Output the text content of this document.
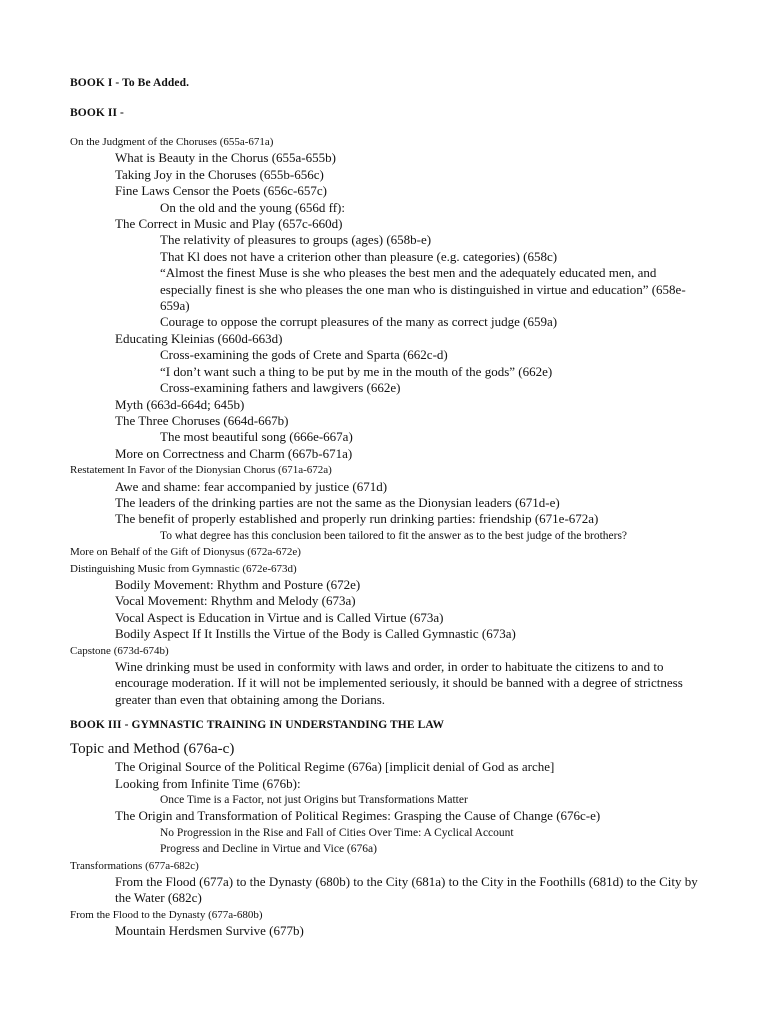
BOOK I - To Be Added.
BOOK II -
On the Judgment of the Choruses (655a-671a)
What is Beauty in the Chorus (655a-655b)
Taking Joy in the Choruses (655b-656c)
Fine Laws Censor the Poets (656c-657c)
On the old and the young (656d ff):
The Correct in Music and Play (657c-660d)
The relativity of pleasures to groups (ages) (658b-e)
That Kl does not have a criterion other than pleasure (e.g. categories) (658c)
“Almost the finest Muse is she who pleases the best men and the adequately educated men, and especially finest is she who pleases the one man who is distinguished in virtue and education” (658e-659a)
Courage to oppose the corrupt pleasures of the many as correct judge (659a)
Educating Kleinias (660d-663d)
Cross-examining the gods of Crete and Sparta (662c-d)
“I don’t want such a thing to be put by me in the mouth of the gods” (662e)
Cross-examining fathers and lawgivers (662e)
Myth (663d-664d; 645b)
The Three Choruses (664d-667b)
The most beautiful song (666e-667a)
More on Correctness and Charm (667b-671a)
Restatement In Favor of the Dionysian Chorus (671a-672a)
Awe and shame: fear accompanied by justice (671d)
The leaders of the drinking parties are not the same as the Dionysian leaders (671d-e)
The benefit of properly established and properly run drinking parties: friendship (671e-672a)
To what degree has this conclusion been tailored to fit the answer as to the best judge of the brothers?
More on Behalf of the Gift of Dionysus (672a-672e)
Distinguishing Music from Gymnastic (672e-673d)
Bodily Movement: Rhythm and Posture (672e)
Vocal Movement: Rhythm and Melody (673a)
Vocal Aspect is Education in Virtue and is Called Virtue (673a)
Bodily Aspect If It Instills the Virtue of the Body is Called Gymnastic (673a)
Capstone (673d-674b)
Wine drinking must be used in conformity with laws and order, in order to habituate the citizens to and to encourage moderation. If it will not be implemented seriously, it should be banned with a degree of strictness greater than even that obtaining among the Dorians.
BOOK III - GYMNASTIC TRAINING IN UNDERSTANDING THE LAW
Topic and Method (676a-c)
The Original Source of the Political Regime (676a) [implicit denial of God as arche]
Looking from Infinite Time (676b):
Once Time is a Factor, not just Origins but Transformations Matter
The Origin and Transformation of Political Regimes: Grasping the Cause of Change (676c-e)
No Progression in the Rise and Fall of Cities Over Time: A Cyclical Account
Progress and Decline in Virtue and Vice (676a)
Transformations (677a-682c)
From the Flood (677a) to the Dynasty (680b) to the City (681a) to the City in the Foothills (681d) to the City by the Water (682c)
From the Flood to the Dynasty (677a-680b)
Mountain Herdsmen Survive (677b)
